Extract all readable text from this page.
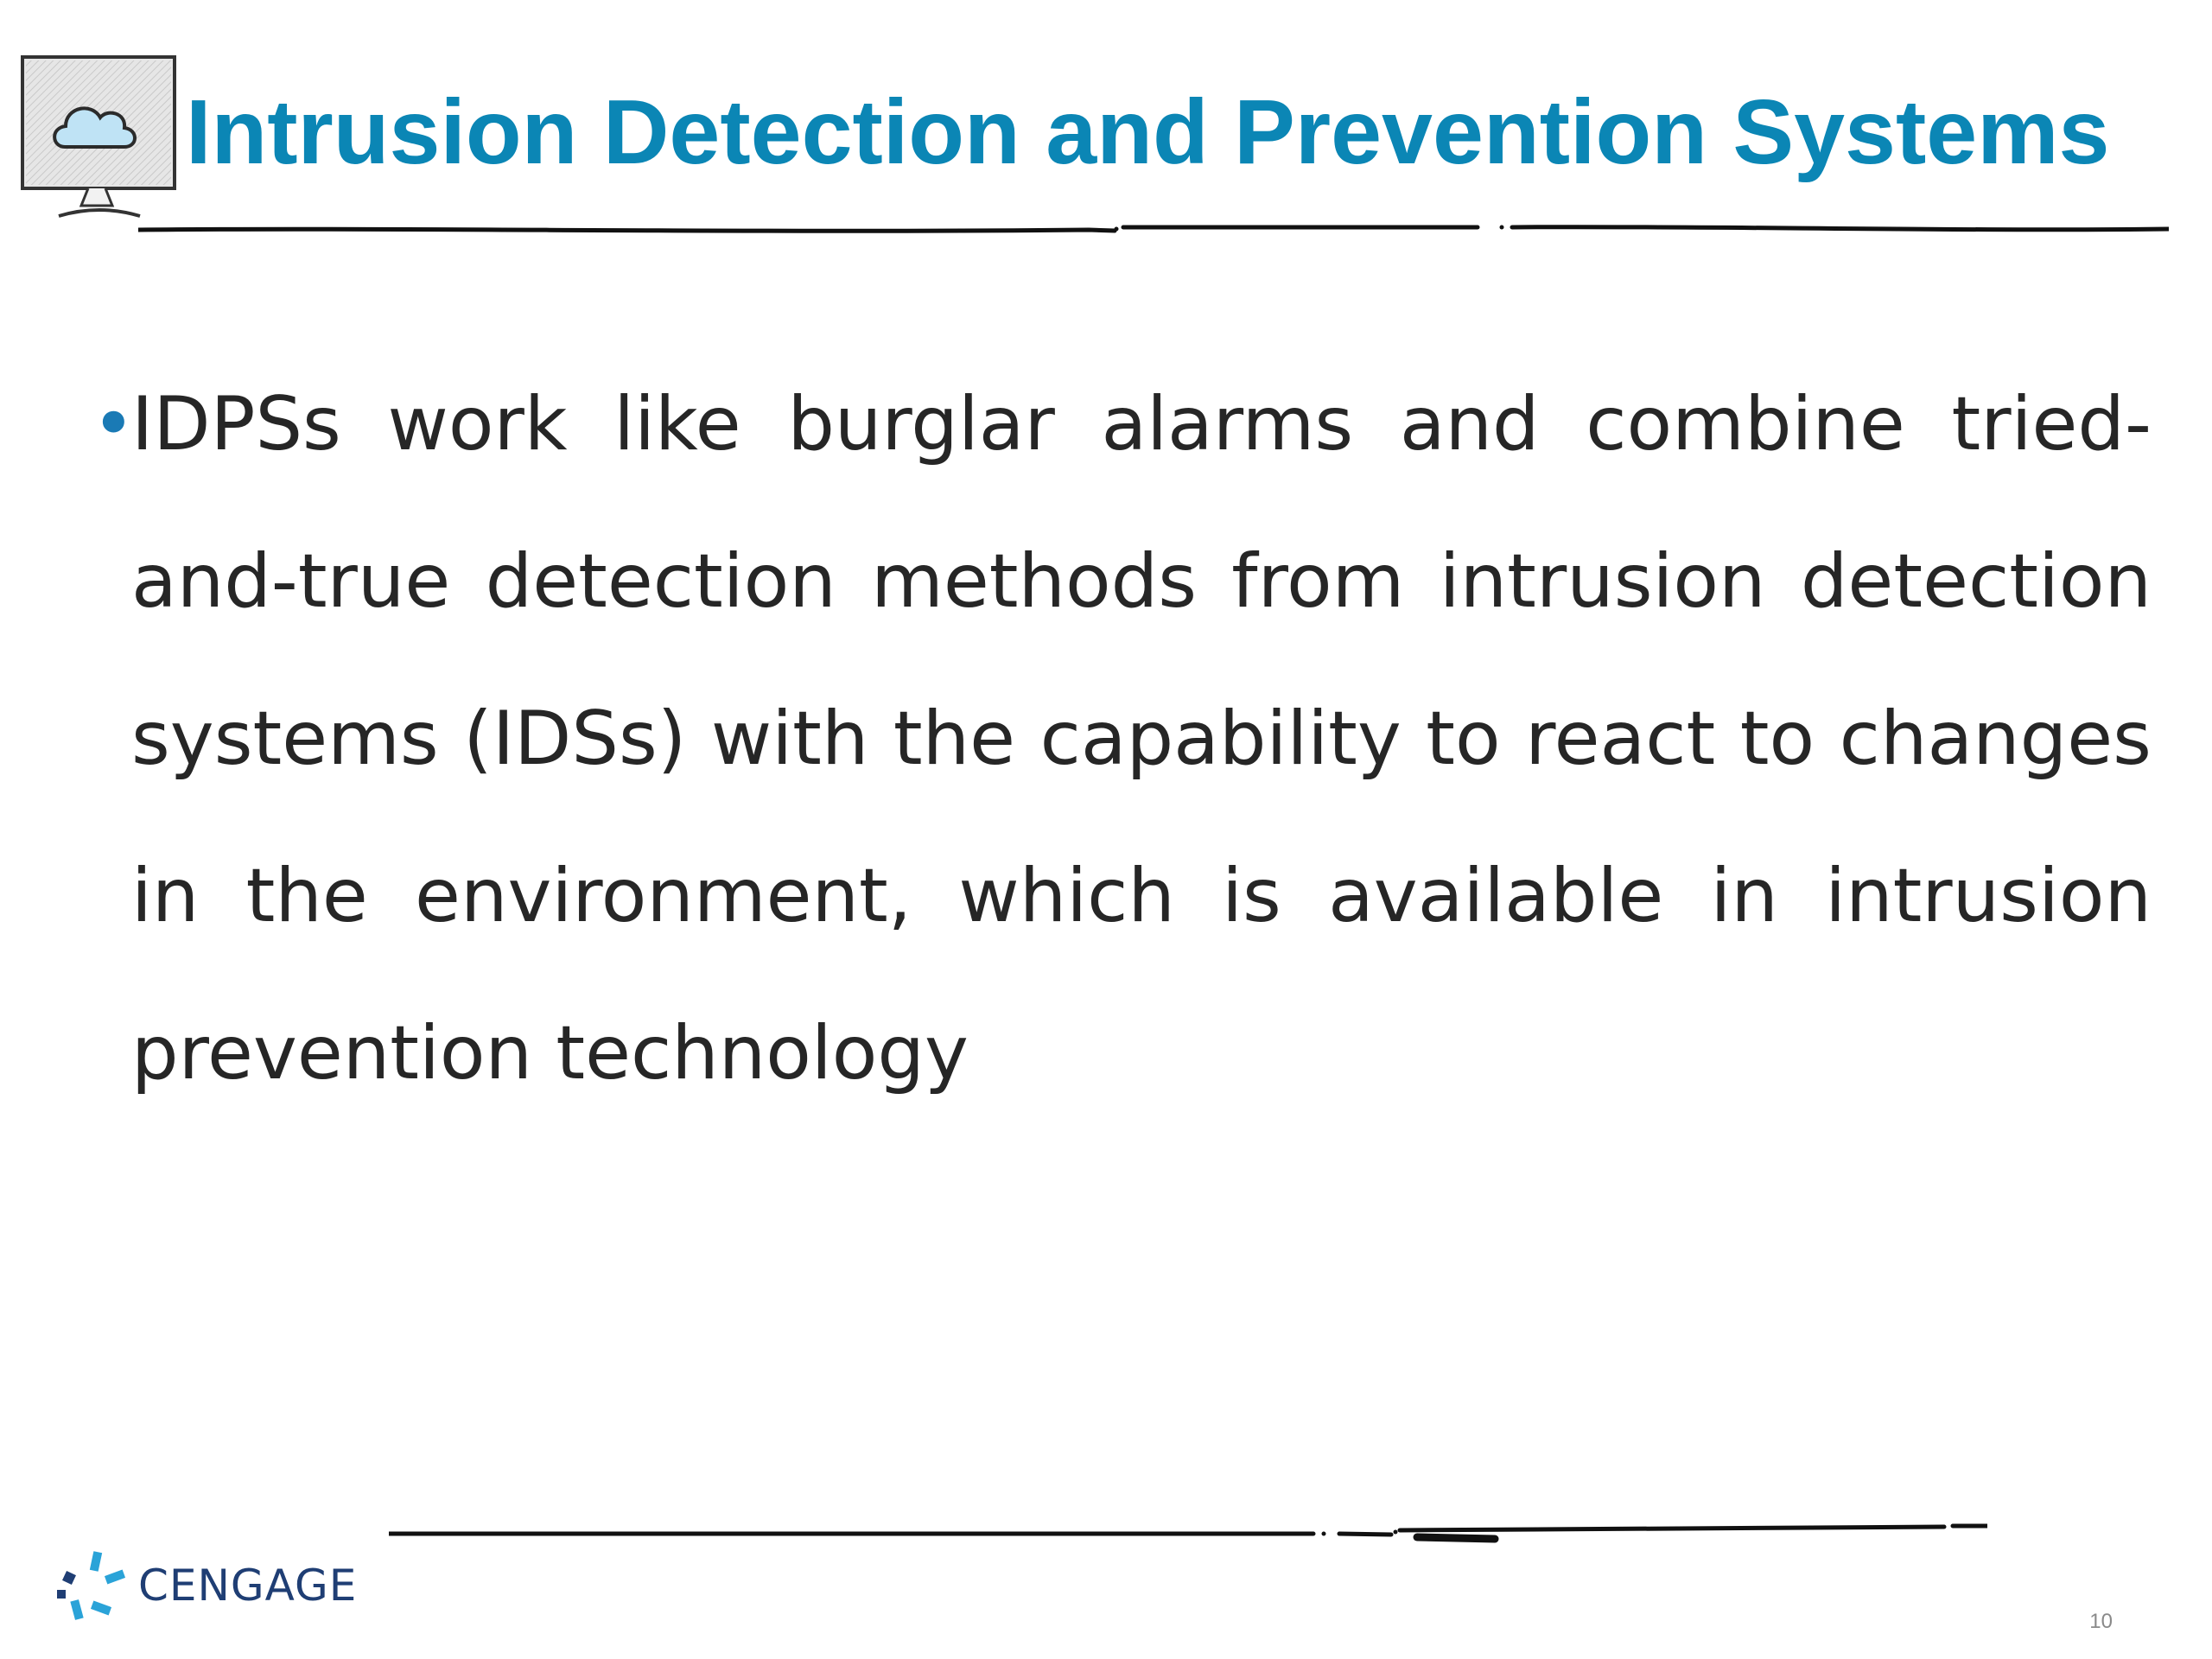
Intrusion Detection and Prevention Systems
•
IDPSs work like burglar alarms and combine tried-and-true detection methods from intrusion detection systems (IDSs) with the capability to react to changes in the environment, which is available in intrusion prevention technology
CENGAGE
10
